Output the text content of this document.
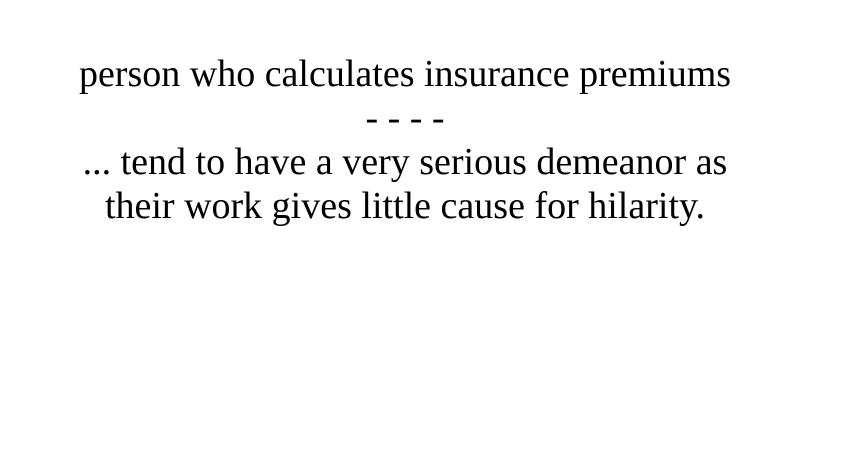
person who calculates insurance premiums
- - - -
... tend to have a very serious demeanor as
their work gives little cause for hilarity.
